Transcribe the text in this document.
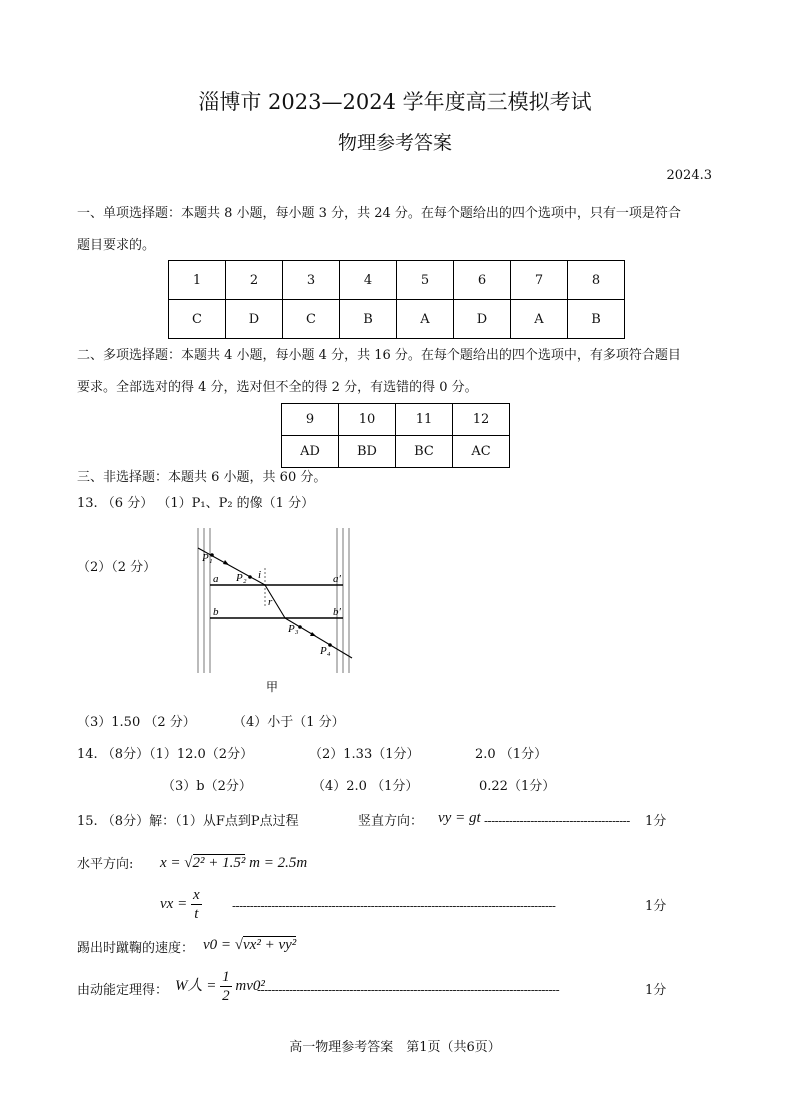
淄博市 2023—2024 学年度高三模拟考试
物理参考答案
2024.3
一、单项选择题：本题共 8 小题，每小题 3 分，共 24 分。在每个题给出的四个选项中，只有一项是符合
题目要求的。
1	2	3	4	5	6	7	8
C	D	C	B	A	D	A	B
二、多项选择题：本题共 4 小题，每小题 4 分，共 16 分。在每个题给出的四个选项中，有多项符合题目
要求。全部选对的得 4 分，选对但不全的得 2 分，有选错的得 0 分。
9	10	11	12
AD	BD	BC	AC
三、非选择题：本题共 6 小题，共 60 分。
13. （6 分） （1）P₁、P₂ 的像（1 分）
（2）（2 分）
P₁
P₂ i
r
a	a′
b	b′
P₃
P₄
甲
（3）1.50 （2 分）	（4）小于（1 分）
14. （8分）（1）12.0（2分）	（2）1.33（1分）	2.0 （1分）
（3）b（2分）	（4）2.0 （1分）	0.22（1分）
15. （8分）解：（1）从F点到P点过程	竖直方向： vy = gt ----------------------------------------- 1分
水平方向: x = √2² + 1.5² m = 2.5m
vx = $\frac{x}{t}$	-------------------------------------------------------------------------------------------	1分
踢出时蹴鞠的速度： v0 = √vx² + vy²
由动能定理得： W人 = $\frac{1}{2} mv0^2$
-------------------------------------------------------------------------------------	1分
高一物理参考答案　第1页（共6页）
